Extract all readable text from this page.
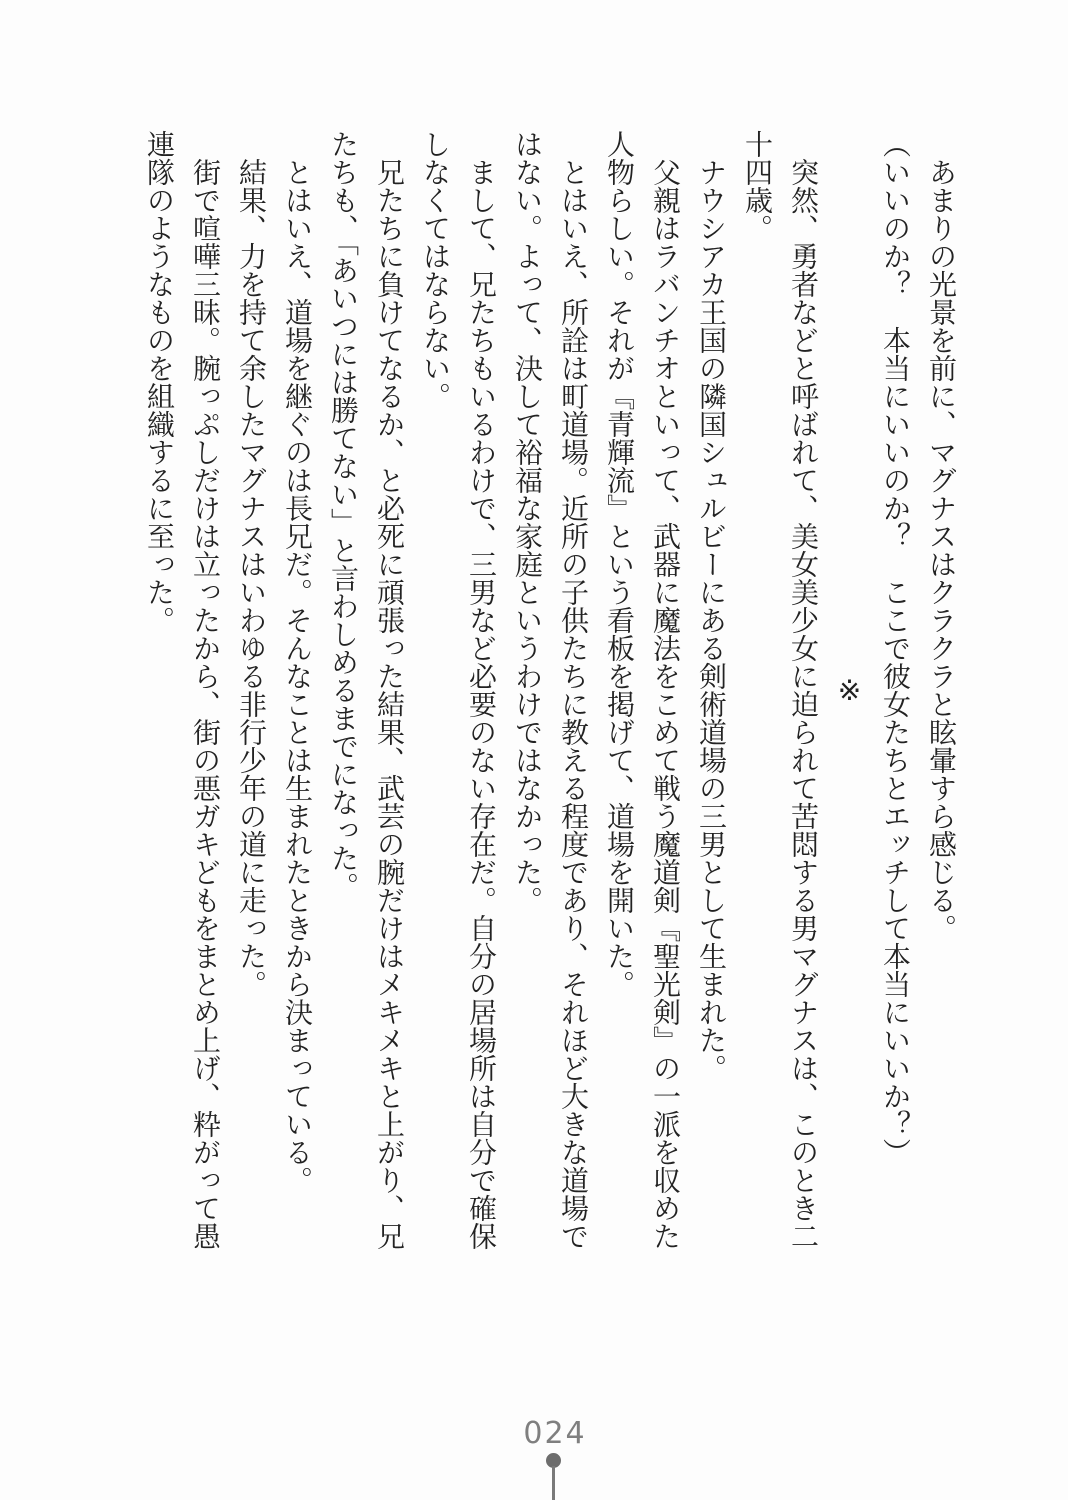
あまりの光景を前に、マグナスはクラクラと眩暈すら感じる。

（いいのか？　本当にいいのか？　ここで彼女たちとエッチして本当にいいか？）

※

突然、勇者などと呼ばれて、美女美少女に迫られて苦悶する男マグナスは、このとき二十四歳。

ナウシアカ王国の隣国シュルビーにある剣術道場の三男として生まれた。

父親はラバンチオといって、武器に魔法をこめて戦う魔道剣『聖光剣』の一派を収めた人物らしい。それが『青輝流』という看板を掲げて、道場を開いた。

とはいえ、所詮は町道場。近所の子供たちに教える程度であり、それほど大きな道場ではない。よって、決して裕福な家庭というわけではなかった。

まして、兄たちもいるわけで、三男など必要のない存在だ。自分の居場所は自分で確保しなくてはならない。

兄たちに負けてなるか、と必死に頑張った結果、武芸の腕だけはメキメキと上がり、兄たちも、「あいつには勝てない」と言わしめるまでになった。

とはいえ、道場を継ぐのは長兄だ。そんなことは生まれたときから決まっている。

結果、力を持て余したマグナスはいわゆる非行少年の道に走った。

街で喧嘩三昧。腕っぷしだけは立ったから、街の悪ガキどもをまとめ上げ、粋がって愚連隊のようなものを組織するに至った。

024
